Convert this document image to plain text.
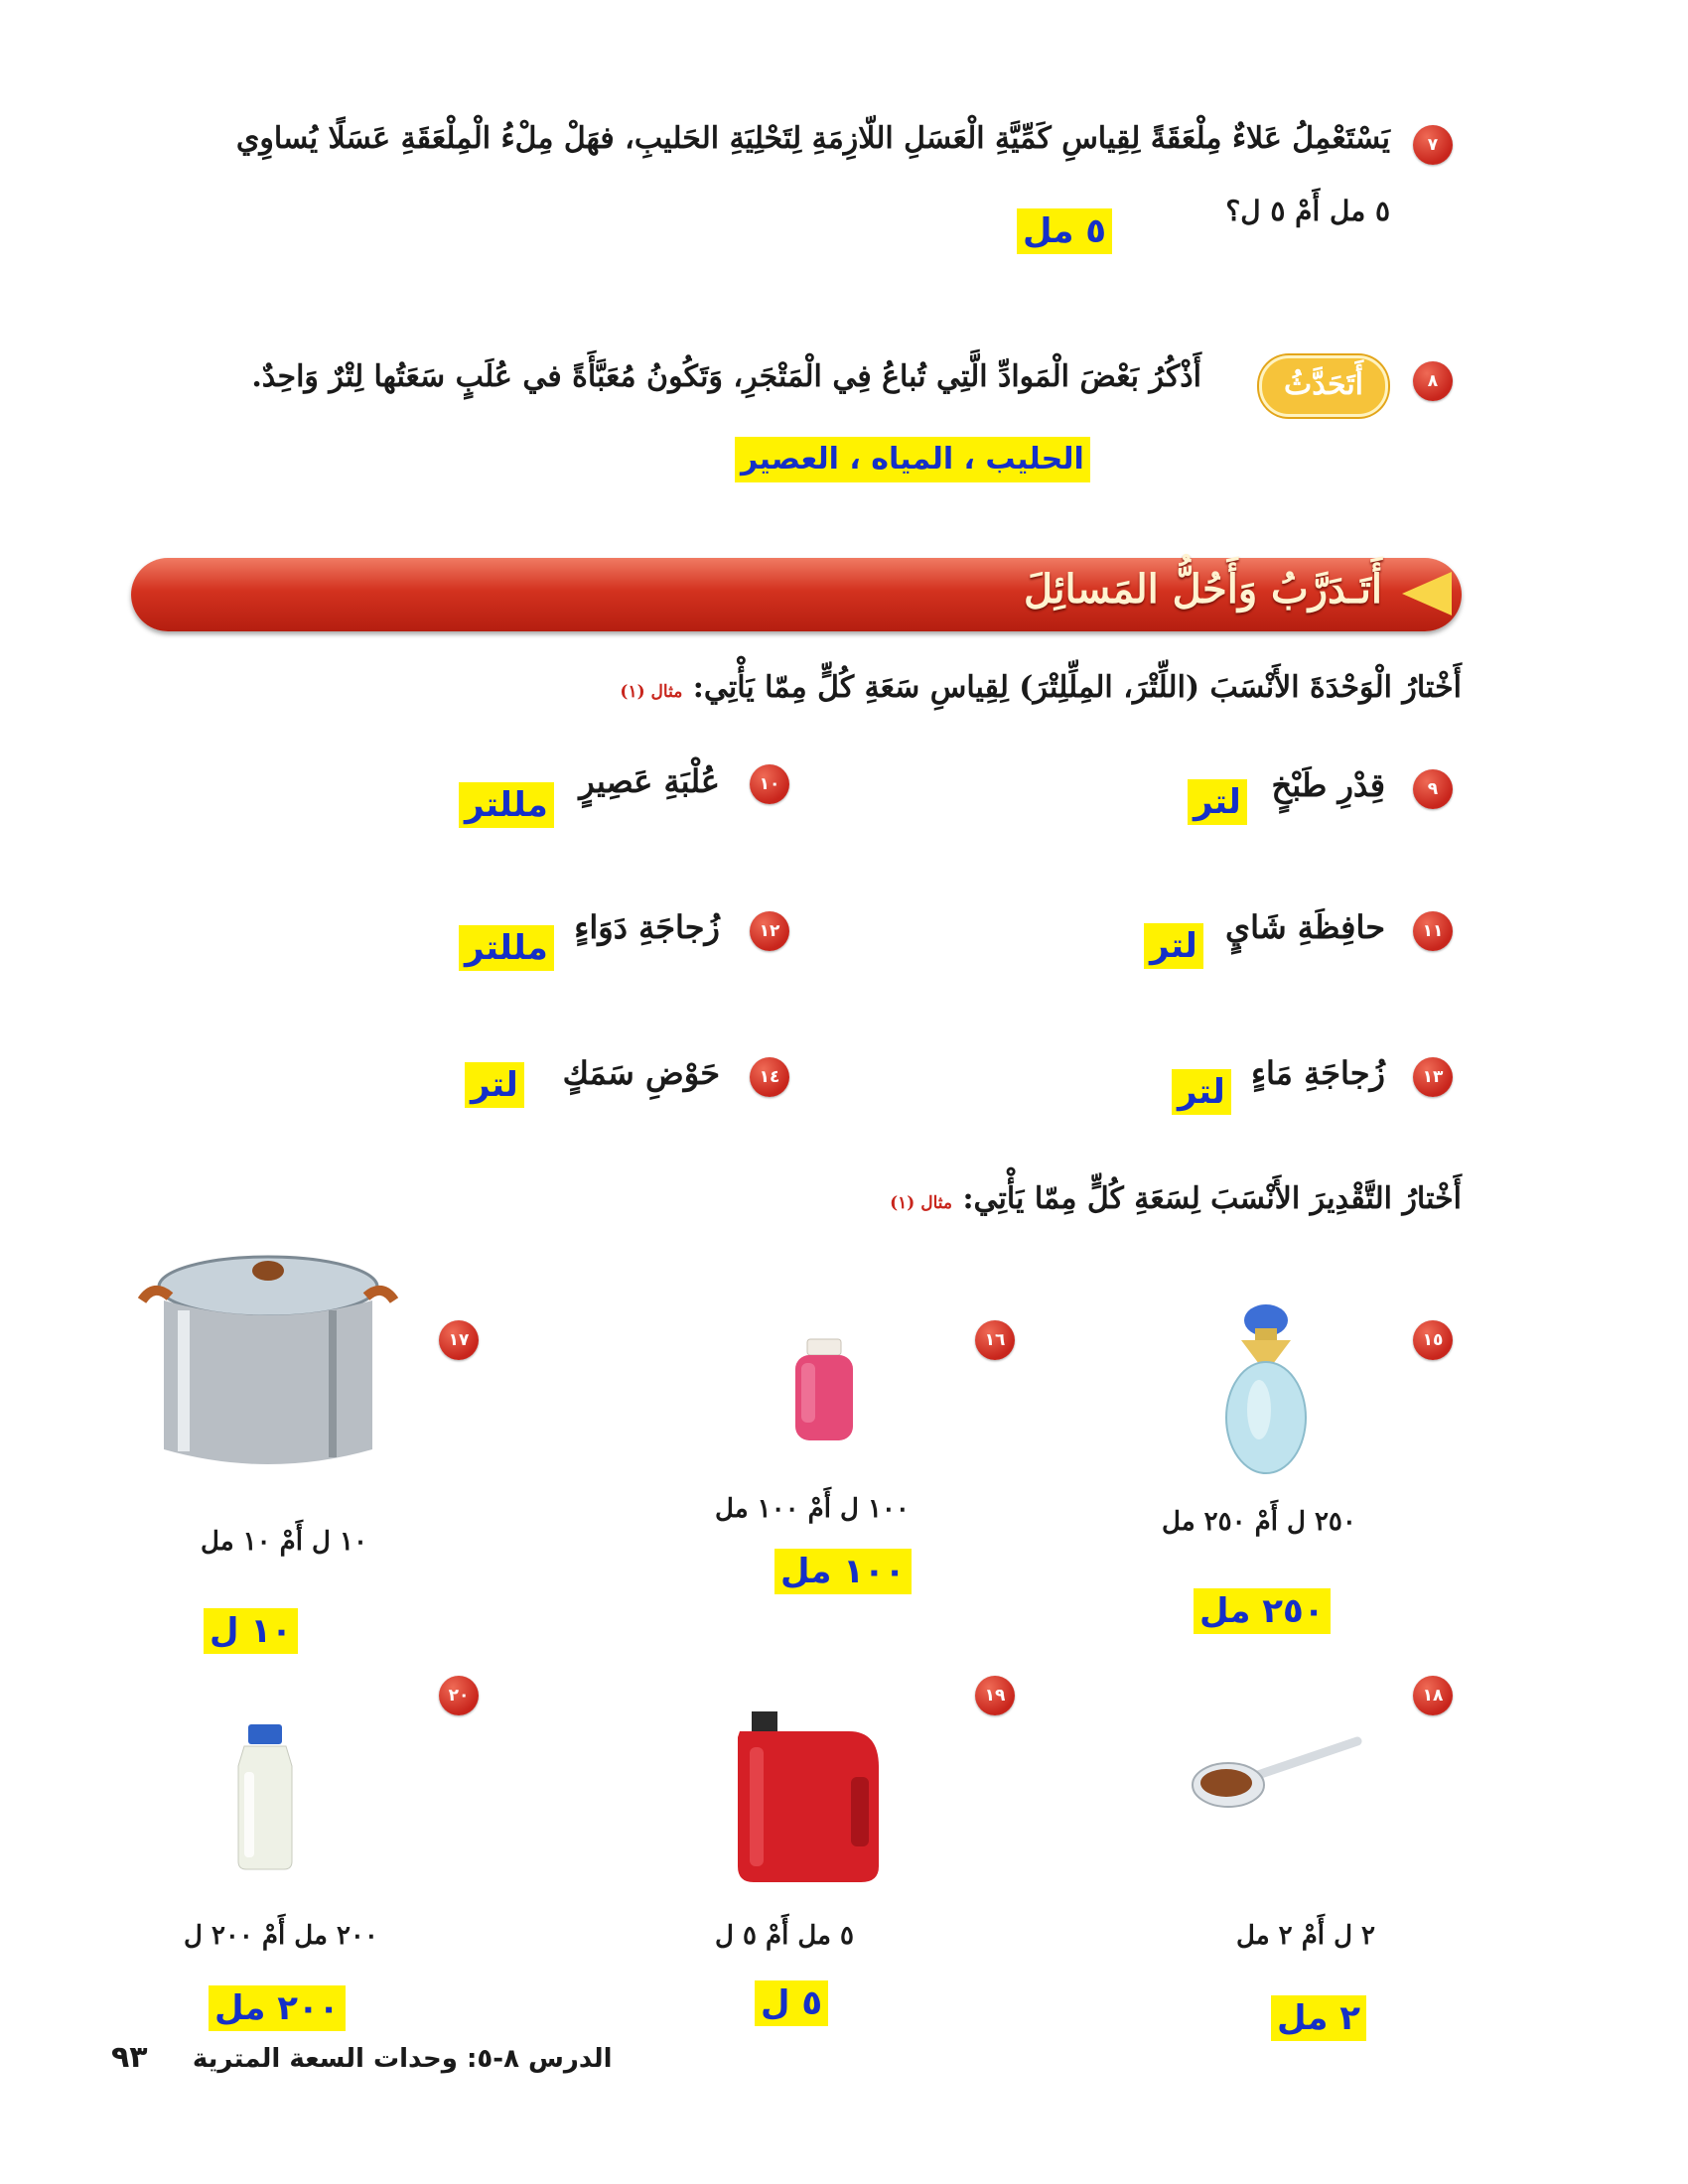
٧
يَسْتَعْمِلُ عَلاءٌ مِلْعَقَةً لِقِياسِ كَمِّيَّةِ الْعَسَلِ اللّازِمَةِ لِتَحْلِيَةِ الحَليبِ، فهَلْ مِلْءُ الْمِلْعَقَةِ عَسَلًا يُساوِي
٥ مل أَمْ ٥ ل؟
٥ مل
٨
أَتَحَدَّثُ
أَذْكُرُ بَعْضَ الْمَوادِّ الَّتِي تُباعُ فِي الْمَتْجَرِ، وَتَكُونُ مُعَبَّأَةً في عُلَبٍ سَعَتُها لِتْرٌ وَاحِدٌ.
الحليب ، المياه ، العصير
أَتَـدَرَّبُ وَأَحُلُّ المَسائِلَ
أَخْتارُ الْوَحْدَةَ الأَنْسَبَ (اللِّتْرَ، المِلِّلِتْرَ) لِقِياسِ سَعَةِ كُلٍّ مِمّا يَأْتِي: مثال (١)
٩
قِدْرِ طَبْخٍ
لتر
١١
حافِظَةِ شَايٍ
لتر
١٣
زُجاجَةِ مَاءٍ
لتر
١٠
عُلْبَةِ عَصِيرٍ
مللتر
١٢
زُجاجَةِ دَوَاءٍ
مللتر
١٤
حَوْضِ سَمَكٍ
لتر
أَخْتارُ التَّقْدِيرَ الأَنْسَبَ لِسَعَةِ كُلٍّ مِمّا يَأْتِي: مثال (١)
١٥
٢٥٠ ل أَمْ ٢٥٠ مل
٢٥٠ مل
١٦
١٠٠ ل أَمْ ١٠٠ مل
١٠٠ مل
١٧
١٠ ل أَمْ ١٠ مل
١٠ ل
١٨
٢ ل أَمْ ٢ مل
٢ مل
١٩
٥ مل أَمْ ٥ ل
٥ ل
٢٠
٢٠٠ مل أَمْ ٢٠٠ ل
٢٠٠ مل
الدرس ٨-٥: وحدات السعة المترية     ٩٣
